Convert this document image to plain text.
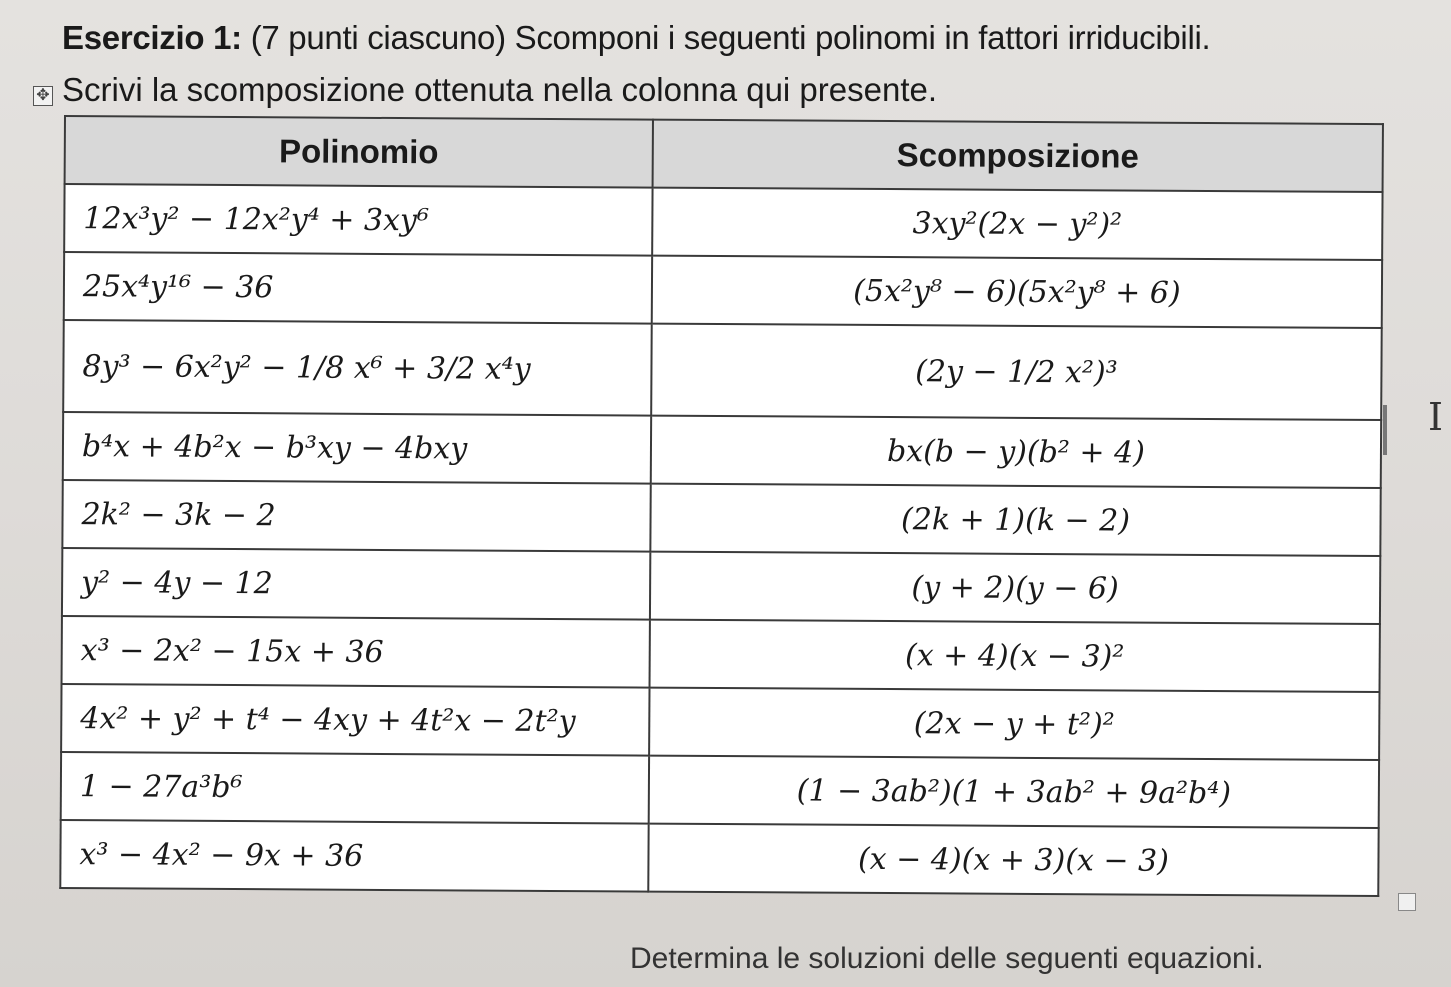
Esercizio 1: (7 punti ciascuno) Scomponi i seguenti polinomi in fattori irriducibili.
✥ Scrivi la scomposizione ottenuta nella colonna qui presente.
Polinomio	Scomposizione
12x³y² − 12x²y⁴ + 3xy⁶	3xy²(2x − y²)²
25x⁴y¹⁶ − 36	(5x²y⁸ − 6)(5x²y⁸ + 6)
8y³ − 6x²y² − 1/8 x⁶ + 3/2 x⁴y	(2y − 1/2 x²)³
b⁴x + 4b²x − b³xy − 4bxy	bx(b − y)(b² + 4)
2k² − 3k − 2	(2k + 1)(k − 2)
y² − 4y − 12	(y + 2)(y − 6)
x³ − 2x² − 15x + 36	(x + 4)(x − 3)²
4x² + y² + t⁴ − 4xy + 4t²x − 2t²y	(2x − y + t²)²
1 − 27a³b⁶	(1 − 3ab²)(1 + 3ab² + 9a²b⁴)
x³ − 4x² − 9x + 36	(x − 4)(x + 3)(x − 3)
I
Determina le soluzioni delle seguenti equazioni.
